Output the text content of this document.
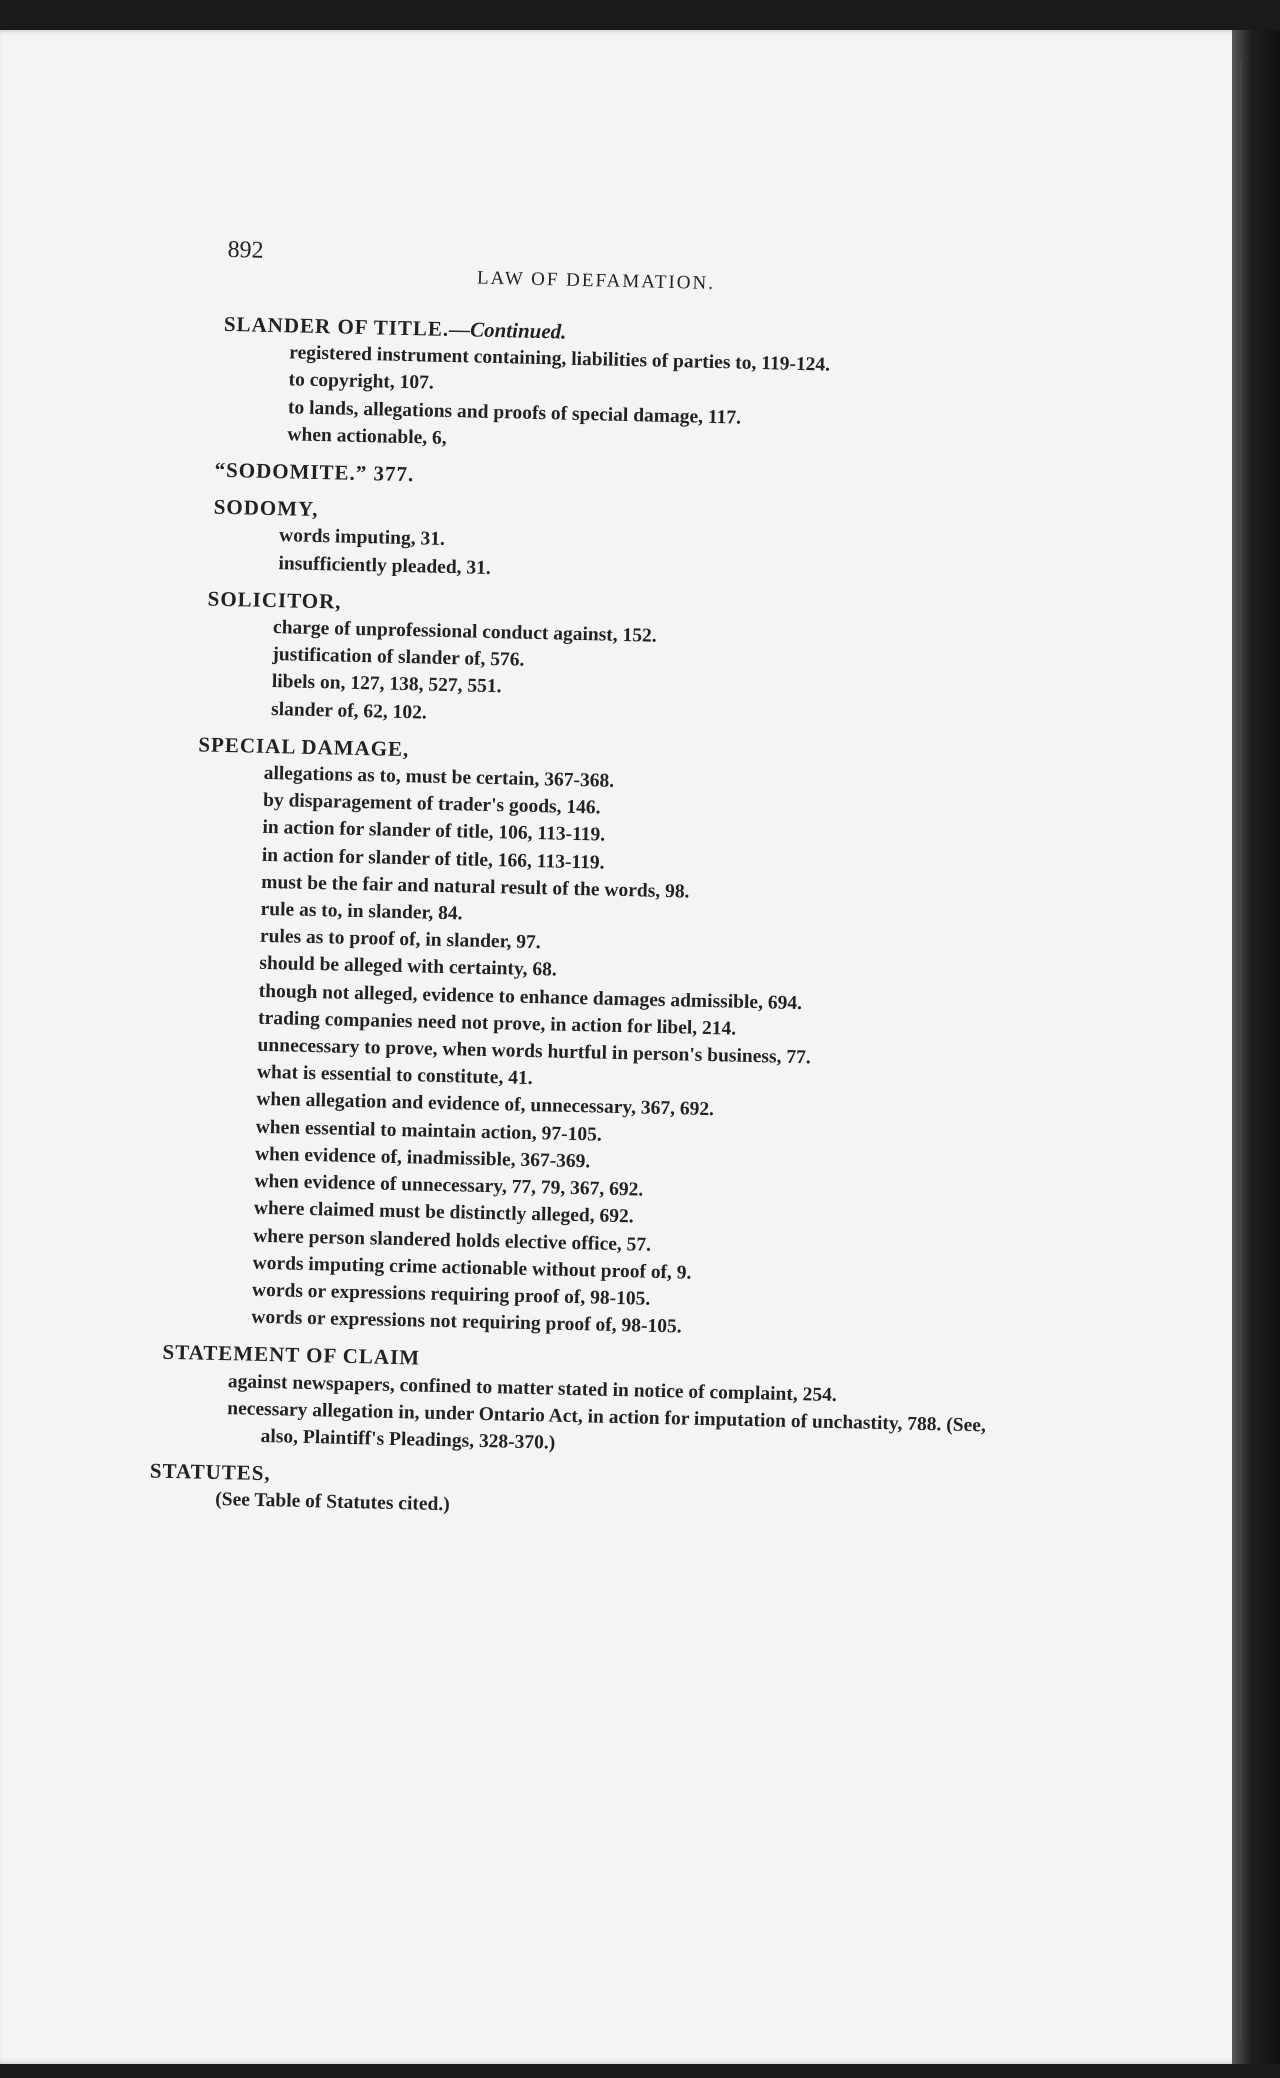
892
LAW OF DEFAMATION.
SLANDER OF TITLE.—Continued.
registered instrument containing, liabilities of parties to, 119-124.
to copyright, 107.
to lands, allegations and proofs of special damage, 117.
when actionable, 6,
“SODOMITE.” 377.
SODOMY,
words imputing, 31.
insufficiently pleaded, 31.
SOLICITOR,
charge of unprofessional conduct against, 152.
justification of slander of, 576.
libels on, 127, 138, 527, 551.
slander of, 62, 102.
SPECIAL DAMAGE,
allegations as to, must be certain, 367-368.
by disparagement of trader's goods, 146.
in action for slander of title, 106, 113-119.
in action for slander of title, 166, 113-119.
must be the fair and natural result of the words, 98.
rule as to, in slander, 84.
rules as to proof of, in slander, 97.
should be alleged with certainty, 68.
though not alleged, evidence to enhance damages admissible, 694.
trading companies need not prove, in action for libel, 214.
unnecessary to prove, when words hurtful in person's business, 77.
what is essential to constitute, 41.
when allegation and evidence of, unnecessary, 367, 692.
when essential to maintain action, 97-105.
when evidence of, inadmissible, 367-369.
when evidence of unnecessary, 77, 79, 367, 692.
where claimed must be distinctly alleged, 692.
where person slandered holds elective office, 57.
words imputing crime actionable without proof of, 9.
words or expressions requiring proof of, 98-105.
words or expressions not requiring proof of, 98-105.
STATEMENT OF CLAIM
against newspapers, confined to matter stated in notice of complaint, 254.
necessary allegation in, under Ontario Act, in action for imputation of unchastity, 788. (See, also, Plaintiff's Pleadings, 328-370.)
STATUTES,
(See Table of Statutes cited.)
